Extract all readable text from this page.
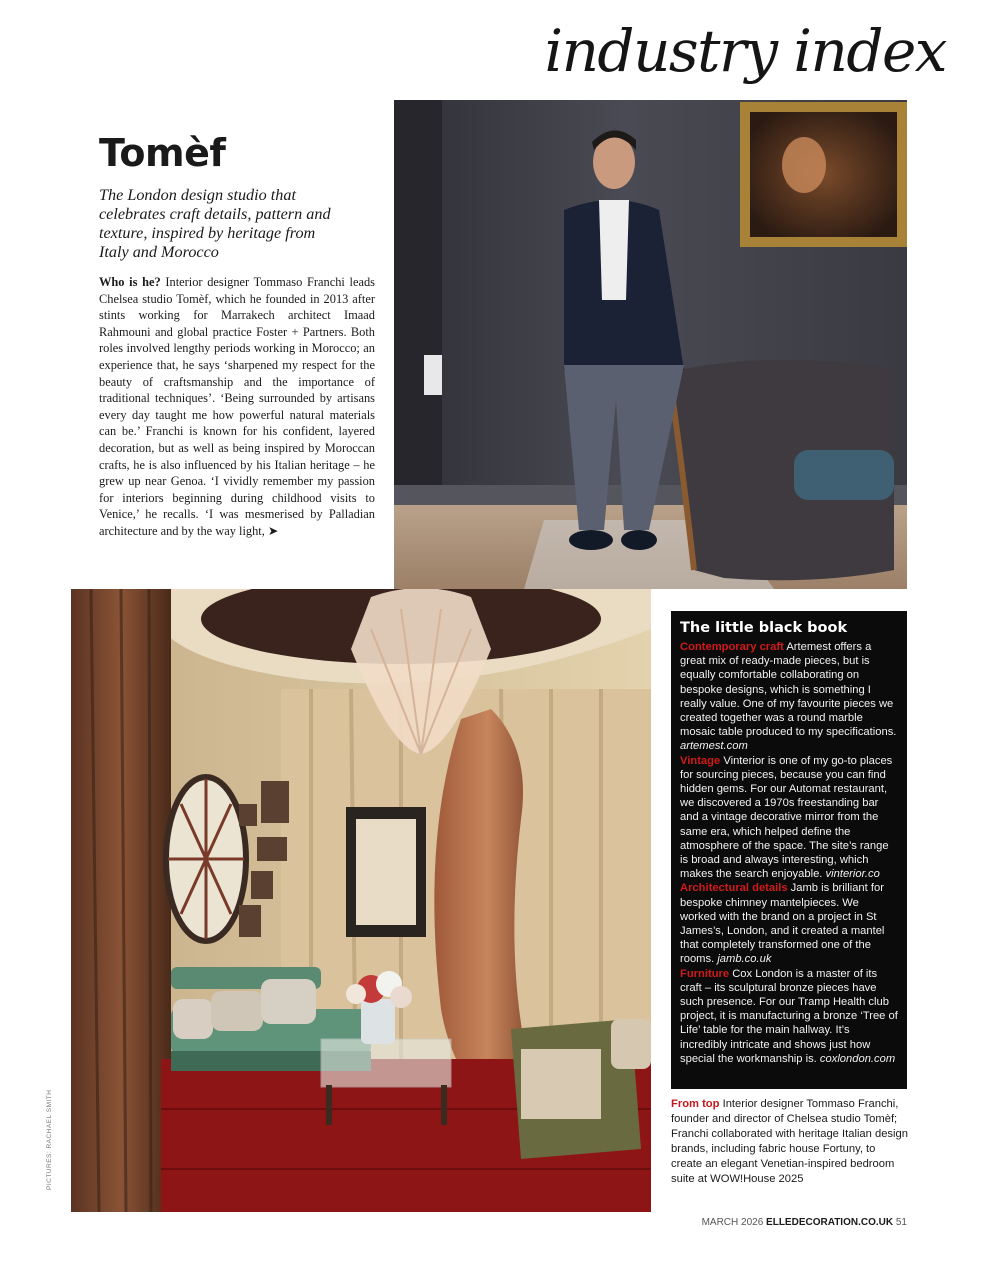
industry index
Tomèf

The London design studio that celebrates craft details, pattern and texture, inspired by heritage from Italy and Morocco

Who is he? Interior designer Tommaso Franchi leads Chelsea studio Tomèf, which he founded in 2013 after stints working for Marrakech architect Imaad Rahmouni and global practice Foster + Partners. Both roles involved lengthy periods working in Morocco; an experience that, he says ‘sharpened my respect for the beauty of craftsmanship and the importance of traditional techniques’. ‘Being surrounded by artisans every day taught me how powerful natural materials can be.’ Franchi is known for his confident, layered decoration, but as well as being inspired by Moroccan crafts, he is also influenced by his Italian heritage – he grew up near Genoa. ‘I vividly remember my passion for interiors beginning during childhood visits to Venice,’ he recalls. ‘I was mesmerised by Palladian architecture and by the way light, ➤

The little black book

Contemporary craft Artemest offers a great mix of ready-made pieces, but is equally comfortable collaborating on bespoke designs, which is something I really value. One of my favourite pieces we created together was a round marble mosaic table produced to my specifications. artemest.com

Vintage Vinterior is one of my go-to places for sourcing pieces, because you can find hidden gems. For our Automat restaurant, we discovered a 1970s freestanding bar and a vintage decorative mirror from the same era, which helped define the atmosphere of the space. The site’s range is broad and always interesting, which makes the search enjoyable. vinterior.co

Architectural details Jamb is brilliant for bespoke chimney mantelpieces. We worked with the brand on a project in St James’s, London, and it created a mantel that completely transformed one of the rooms. jamb.co.uk

Furniture Cox London is a master of its craft – its sculptural bronze pieces have such presence. For our Tramp Health club project, it is manufacturing a bronze ‘Tree of Life’ table for the main hallway. It’s incredibly intricate and shows just how special the workmanship is. coxlondon.com

From top Interior designer Tommaso Franchi, founder and director of Chelsea studio Tomèf; Franchi collaborated with heritage Italian design brands, including fabric house Fortuny, to create an elegant Venetian-inspired bedroom suite at WOW!House 2025

PICTURES: RACHAEL SMITH

MARCH 2026 ELLEDECORATION.CO.UK 51
